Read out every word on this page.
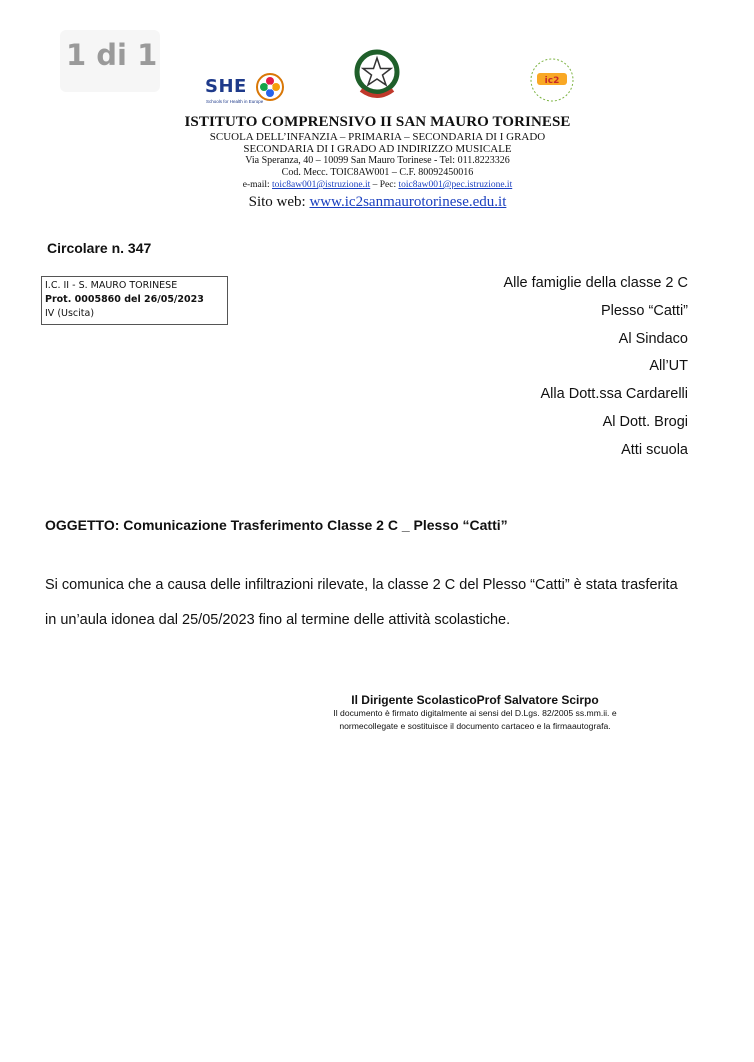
1 di 1
SHE
Schools for Health in Europe
ic2
ISTITUTO COMPRENSIVO II SAN MAURO TORINESE
SCUOLA DELL’INFANZIA – PRIMARIA – SECONDARIA DI I GRADO
SECONDARIA DI I GRADO AD INDIRIZZO MUSICALE
Via Speranza, 40 – 10099 San Mauro Torinese - Tel: 011.8223326
Cod. Mecc. TOIC8AW001 – C.F. 80092450016
e-mail: toic8aw001@istruzione.it – Pec: toic8aw001@pec.istruzione.it
Sito web: www.ic2sanmaurotorinese.edu.it
Circolare n. 347
I.C. II - S. MAURO TORINESE
Prot. 0005860 del 26/05/2023
IV (Uscita)
Alle famiglie della classe 2 C
Plesso “Catti”
Al Sindaco
All’UT
Alla Dott.ssa Cardarelli
Al Dott. Brogi
Atti scuola
OGGETTO: Comunicazione Trasferimento Classe 2 C _ Plesso “Catti”
Si comunica che a causa delle infiltrazioni rilevate, la classe 2 C del Plesso “Catti” è stata trasferita
in un’aula idonea dal 25/05/2023 fino al termine delle attività scolastiche.
Il Dirigente ScolasticoProf Salvatore Scirpo
Il documento è firmato digitalmente ai sensi del D.Lgs. 82/2005 ss.mm.ii. e
normecollegate e sostituisce il documento cartaceo e la firmaautografa.
